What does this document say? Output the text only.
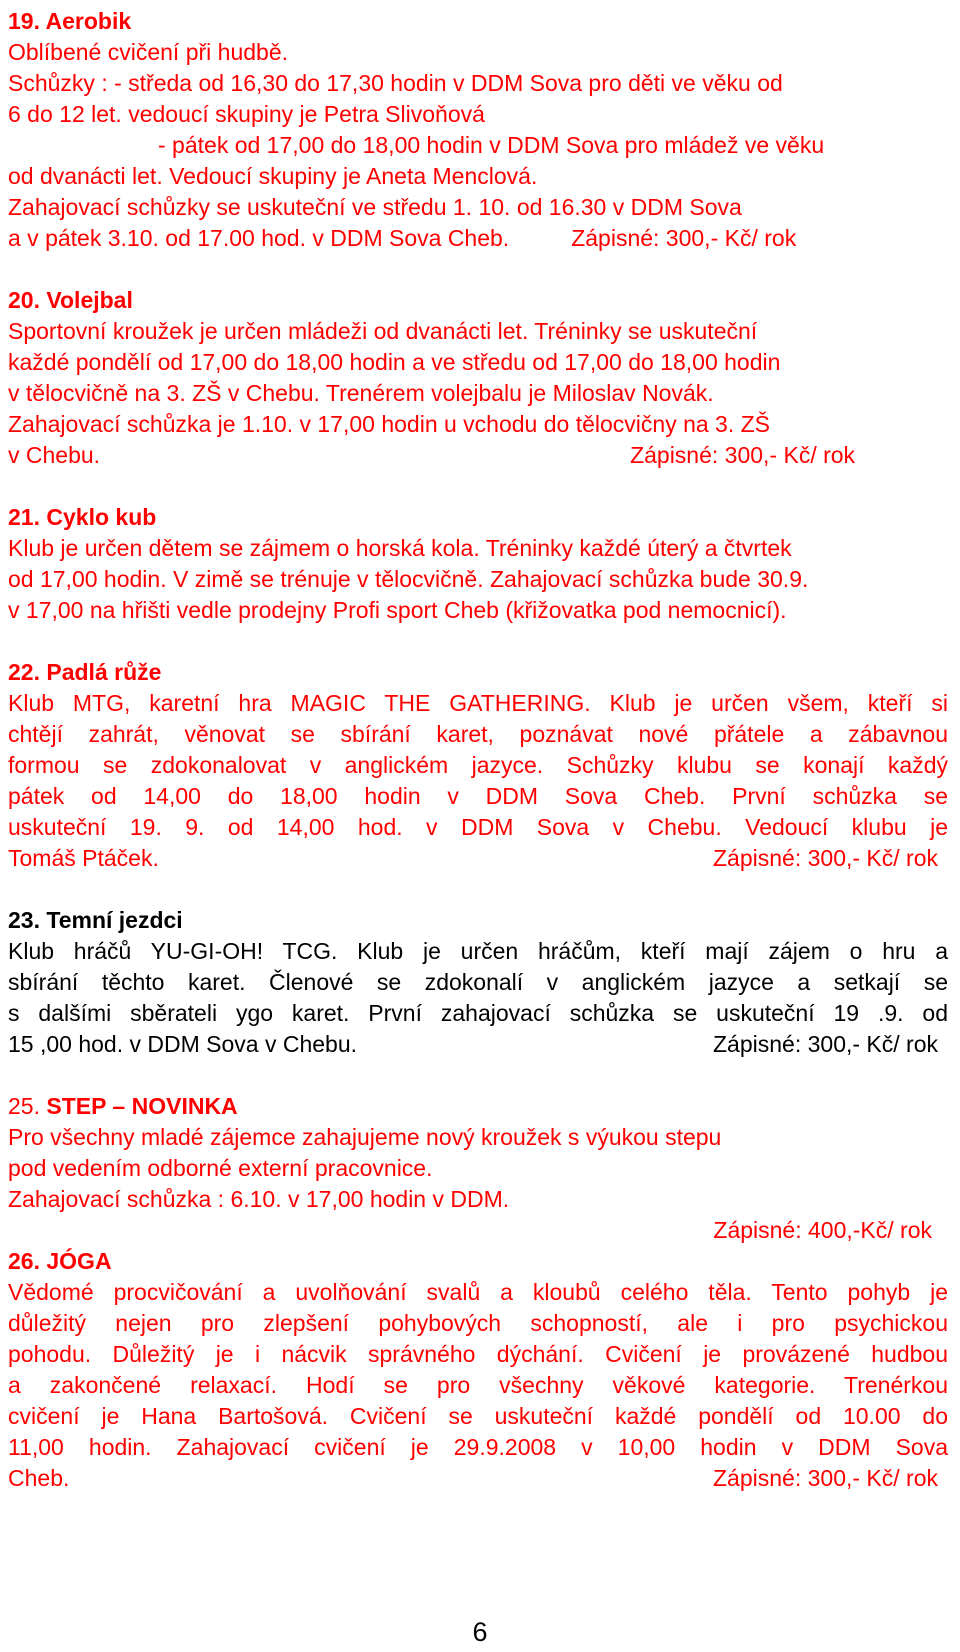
19. Aerobik
Oblíbené cvičení při hudbě.
Schůzky : - středa od 16,30 do 17,30 hodin v DDM Sova pro děti ve věku od
6 do 12 let. vedoucí skupiny je Petra Slivoňová
- pátek od 17,00 do 18,00 hodin v DDM Sova pro mládež ve věku
od dvanácti let. Vedoucí skupiny je Aneta Menclová.
Zahajovací schůzky se uskuteční ve středu 1. 10. od 16.30 v DDM Sova
a v pátek 3.10. od 17.00 hod. v DDM Sova Cheb.	Zápisné: 300,- Kč/ rok
20. Volejbal
Sportovní kroužek je určen mládeži od dvanácti let. Tréninky se uskuteční
každé pondělí od 17,00 do 18,00 hodin a ve středu od 17,00 do 18,00 hodin
v tělocvičně na 3. ZŠ v Chebu. Trenérem volejbalu je Miloslav Novák.
Zahajovací schůzka je 1.10. v 17,00 hodin u vchodu do tělocvičny na 3. ZŠ
v Chebu.	Zápisné: 300,- Kč/ rok
21. Cyklo kub
Klub je určen dětem se zájmem o horská kola. Tréninky každé úterý a čtvrtek
od 17,00 hodin. V zimě se trénuje v tělocvičně. Zahajovací schůzka bude 30.9.
v 17,00 na hřišti vedle prodejny Profi sport Cheb (křižovatka pod nemocnicí).
22. Padlá růže

Klub MTG, karetní hra MAGIC THE GATHERING. Klub je určen všem, kteří si

chtějí zahrát, věnovat se sbírání karet, poznávat nové přátele a zábavnou

formou se zdokonalovat v anglickém jazyce. Schůzky klubu se konají každý

pátek od 14,00 do 18,00 hodin v DDM Sova Cheb. První schůzka se

uskuteční 19. 9. od 14,00 hod. v DDM Sova v Chebu. Vedoucí klubu je

Tomáš Ptáček.	Zápisné: 300,- Kč/ rok
23. Temní jezdci

Klub hráčů YU-GI-OH! TCG. Klub je určen hráčům, kteří mají zájem o hru a

sbírání těchto karet. Členové se zdokonalí v anglickém jazyce a setkají se

s dalšími sběrateli ygo karet. První zahajovací schůzka se uskuteční 19 .9. od

15 ,00 hod. v DDM Sova v Chebu.	Zápisné: 300,- Kč/ rok
25. STEP – NOVINKA
Pro všechny mladé zájemce zahajujeme nový kroužek s výukou stepu
pod vedením odborné externí pracovnice.
Zahajovací schůzka : 6.10. v 17,00 hodin v DDM.
Zápisné: 400,-Kč/ rok
26. JÓGA

Vědomé procvičování a uvolňování svalů a kloubů celého těla. Tento pohyb je

důležitý nejen pro zlepšení pohybových schopností, ale i pro psychickou

pohodu. Důležitý je i nácvik správného dýchání. Cvičení je provázené hudbou

a zakončené relaxací. Hodí se pro všechny věkové kategorie. Trenérkou

cvičení je Hana Bartošová. Cvičení se uskuteční každé pondělí od 10.00 do

11,00 hodin. Zahajovací cvičení je 29.9.2008 v 10,00 hodin v DDM Sova

Cheb.	Zápisné: 300,- Kč/ rok
6
